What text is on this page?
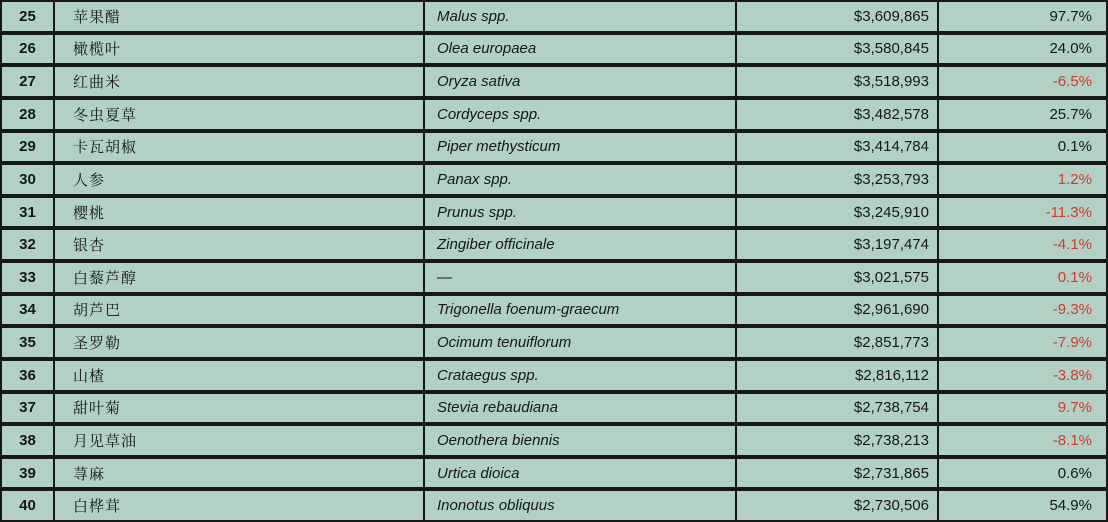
25	苹果醋	Malus spp.	$3,609,865	97.7%
26	橄榄叶	Olea europaea	$3,580,845	24.0%
27	红曲米	Oryza sativa	$3,518,993	-6.5%
28	冬虫夏草	Cordyceps spp.	$3,482,578	25.7%
29	卡瓦胡椒	Piper methysticum	$3,414,784	0.1%
30	人参	Panax spp.	$3,253,793	1.2%
31	樱桃	Prunus spp.	$3,245,910	-11.3%
32	银杏	Zingiber officinale	$3,197,474	-4.1%
33	白藜芦醇	—	$3,021,575	0.1%
34	胡芦巴	Trigonella foenum-graecum	$2,961,690	-9.3%
35	圣罗勒	Ocimum tenuiflorum	$2,851,773	-7.9%
36	山楂	Crataegus spp.	$2,816,112	-3.8%
37	甜叶菊	Stevia rebaudiana	$2,738,754	9.7%
38	月见草油	Oenothera biennis	$2,738,213	-8.1%
39	荨麻	Urtica dioica	$2,731,865	0.6%
40	白桦茸	Inonotus obliquus	$2,730,506	54.9%
